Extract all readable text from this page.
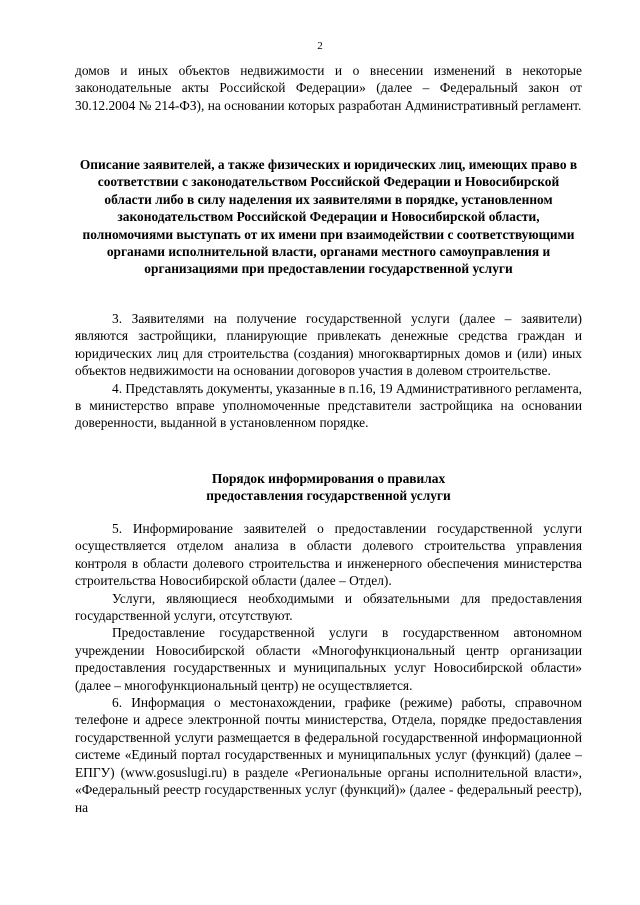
2

домов и иных объектов недвижимости и о внесении изменений в некоторые законодательные акты Российской Федерации» (далее – Федеральный закон от 30.12.2004 № 214-ФЗ), на основании которых разработан Административный регламент.

Описание заявителей, а также физических и юридических лиц, имеющих право в соответствии с законодательством Российской Федерации и Новосибирской области либо в силу наделения их заявителями в порядке, установленном законодательством Российской Федерации и Новосибирской области, полномочиями выступать от их имени при взаимодействии с соответствующими органами исполнительной власти, органами местного самоуправления и организациями при предоставлении государственной услуги

3. Заявителями на получение государственной услуги (далее – заявители) являются застройщики, планирующие привлекать денежные средства граждан и юридических лиц для строительства (создания) многоквартирных домов и (или) иных объектов недвижимости на основании договоров участия в долевом строительстве.

4. Представлять документы, указанные в п.16, 19 Административного регламента, в министерство вправе уполномоченные представители застройщика на основании доверенности, выданной в установленном порядке.

Порядок информирования о правилах

предоставления государственной услуги

5. Информирование заявителей о предоставлении государственной услуги осуществляется отделом анализа в области долевого строительства управления контроля в области долевого строительства и инженерного обеспечения министерства строительства Новосибирской области (далее – Отдел).

Услуги, являющиеся необходимыми и обязательными для предоставления государственной услуги, отсутствуют.

Предоставление государственной услуги в государственном автономном учреждении Новосибирской области «Многофункциональный центр организации предоставления государственных и муниципальных услуг Новосибирской области» (далее – многофункциональный центр) не осуществляется.

6. Информация о местонахождении, графике (режиме) работы, справочном телефоне и адресе электронной почты министерства, Отдела, порядке предоставления государственной услуги размещается в федеральной государственной информационной системе «Единый портал государственных и муниципальных услуг (функций) (далее – ЕПГУ) (www.gosuslugi.ru) в разделе «Региональные органы исполнительной власти», «Федеральный реестр государственных услуг (функций)» (далее - федеральный реестр), на
